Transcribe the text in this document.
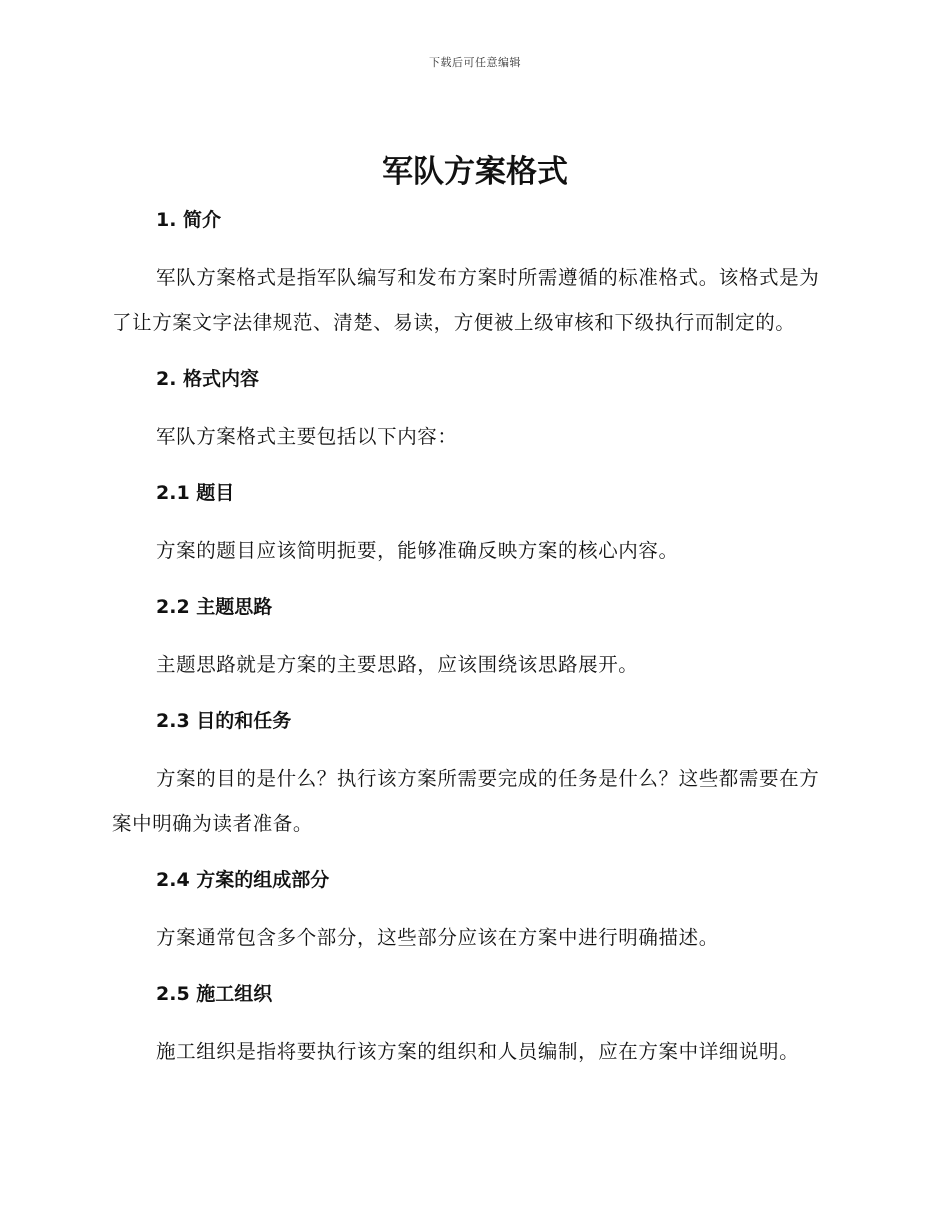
下载后可任意编辑
军队方案格式
1. 简介

军队方案格式是指军队编写和发布方案时所需遵循的标准格式。该格式是为了让方案文字法律规范、清楚、易读，方便被上级审核和下级执行而制定的。

2. 格式内容

军队方案格式主要包括以下内容：

2.1 题目

方案的题目应该简明扼要，能够准确反映方案的核心内容。

2.2 主题思路

主题思路就是方案的主要思路，应该围绕该思路展开。

2.3 目的和任务

方案的目的是什么？执行该方案所需要完成的任务是什么？这些都需要在方案中明确为读者准备。

2.4 方案的组成部分

方案通常包含多个部分，这些部分应该在方案中进行明确描述。

2.5 施工组织

施工组织是指将要执行该方案的组织和人员编制，应在方案中详细说明。
